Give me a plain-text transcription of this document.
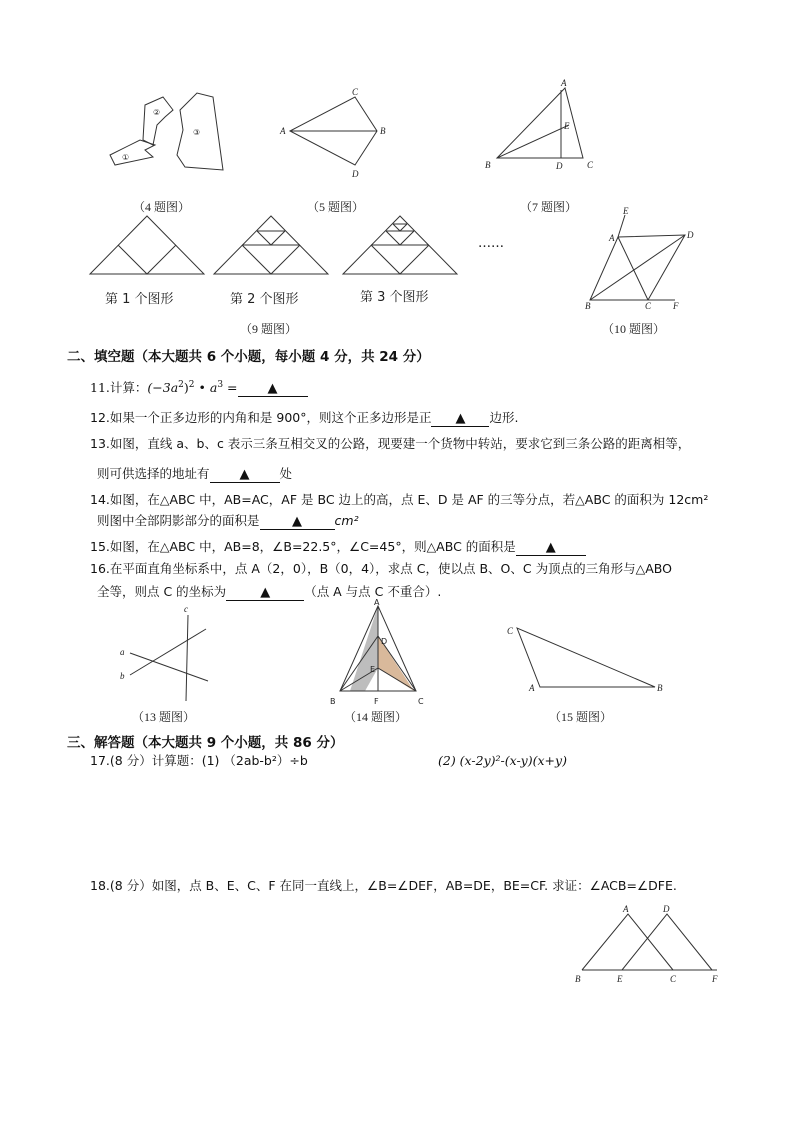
①
②
③
（4 题图）
A	B
C
D
（5 题图）
A
B	C
D
E
（7 题图）
……
第 1 个图形	第 2 个图形	第 3 个图形
（9 题图）
A
B	C
D
E
F
（10 题图）
二、填空题（本大题共 6 个小题，每小题 4 分，共 24 分）
11.计算：$(-3a^2)^2$ • $a^3$ = ▲
12.如果一个正多边形的内角和是 900°，则这个正多边形是正 ▲ 边形.
13.如图，直线 a、b、c 表示三条互相交叉的公路，现要建一个货物中转站，要求它到三条公路的距离相等，
则可供选择的地址有 ▲ 处
14.如图，在△ABC 中，AB=AC，AF 是 BC 边上的高，点 E、D 是 AF 的三等分点，若△ABC 的面积为 12cm²
则图中全部阴影部分的面积是	▲	cm²
15.如图，在△ABC 中，AB=8，∠B=22.5°，∠C=45°，则△ABC 的面积是 ▲
16.在平面直角坐标系中，点 A（2，0），B（0，4），求点 C，使以点 B、O、C 为顶点的三角形与△ABO
全等，则点 C 的坐标为	▲	（点 A 与点 C 不重合）.
a
b
c
（13 题图）
A
B	C
D
E
F
（14 题图）
A	B
C
（15 题图）
三、解答题（本大题共 9 个小题，共 86 分）
17.(8 分）计算题：(1) （2ab-b²）÷b	(2) (x-2y)²-(x-y)(x+y)
18.(8 分）如图，点 B、E、C、F 在同一直线上，∠B=∠DEF，AB=DE，BE=CF. 求证：∠ACB=∠DFE.
A
B	C
D
E	F
